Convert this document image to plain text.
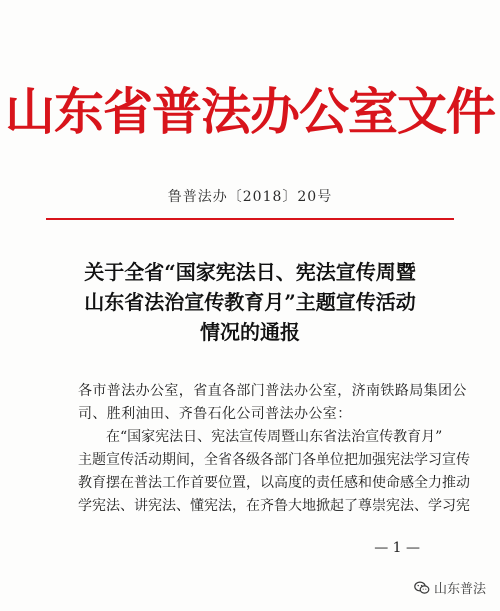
山东省普法办公室文件
鲁普法办〔2018〕20号
关于全省“国家宪法日、宪法宣传周暨
山东省法治宣传教育月”主题宣传活动
情况的通报

各市普法办公室，省直各部门普法办公室，济南铁路局集团公

司、胜利油田、齐鲁石化公司普法办公室：

在“国家宪法日、宪法宣传周暨山东省法治宣传教育月”

主题宣传活动期间，全省各级各部门各单位把加强宪法学习宣传

教育摆在普法工作首要位置，以高度的责任感和使命感全力推动

学宪法、讲宪法、懂宪法，在齐鲁大地掀起了尊崇宪法、学习宪

— 1 —
山东普法
